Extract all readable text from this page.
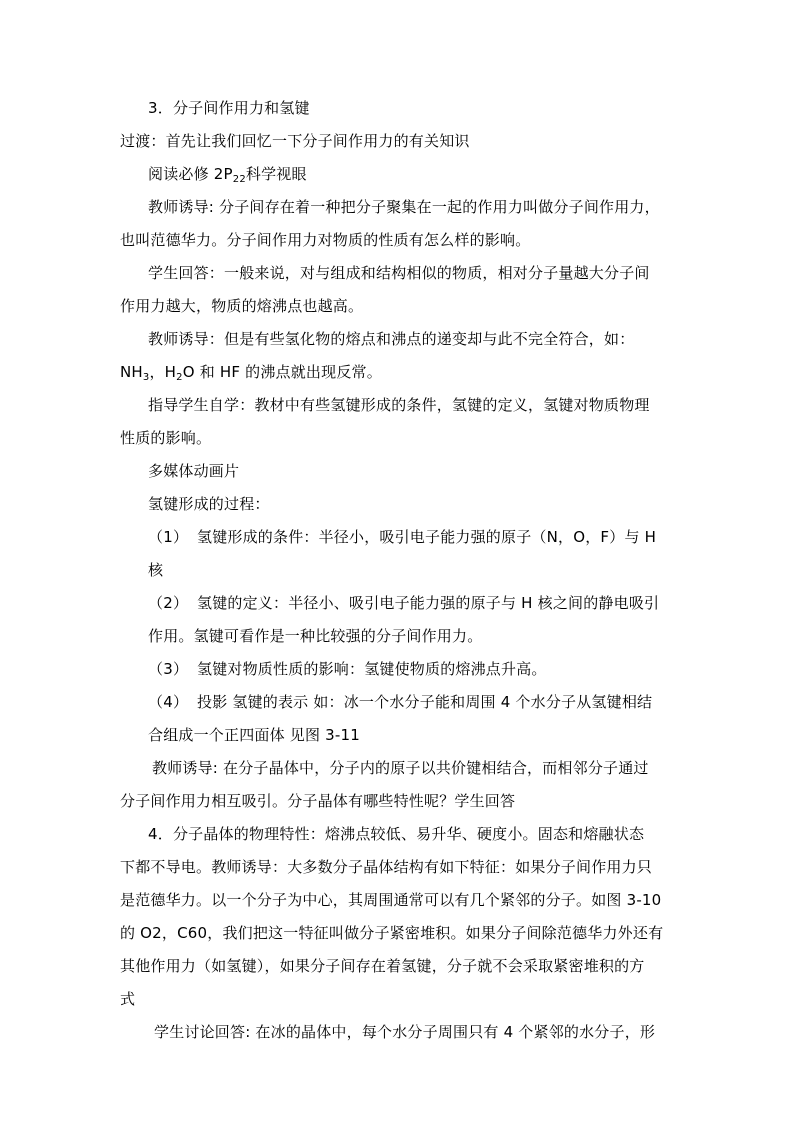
3．分子间作用力和氢键
过渡：首先让我们回忆一下分子间作用力的有关知识
阅读必修 $2P_{22}$科学视眼
教师诱导: 分子间存在着一种把分子聚集在一起的作用力叫做分子间作用力，
也叫范德华力。分子间作用力对物质的性质有怎么样的影响。
学生回答：一般来说，对与组成和结构相似的物质，相对分子量越大分子间
作用力越大，物质的熔沸点也越高。
教师诱导：但是有些氢化物的熔点和沸点的递变却与此不完全符合，如：
$NH_3$，$H_2O$ 和 HF 的沸点就出现反常。
指导学生自学：教材中有些氢键形成的条件，氢键的定义，氢键对物质物理
性质的影响。
多媒体动画片
氢键形成的过程：
（1） 氢键形成的条件：半径小，吸引电子能力强的原子（N，O，F）与 H
核
（2） 氢键的定义：半径小、吸引电子能力强的原子与 H 核之间的静电吸引
作用。氢键可看作是一种比较强的分子间作用力。
（3） 氢键对物质性质的影响：氢键使物质的熔沸点升高。
（4） 投影 氢键的表示 如：冰一个水分子能和周围 4 个水分子从氢键相结
合组成一个正四面体 见图 3-11
教师诱导: 在分子晶体中，分子内的原子以共价键相结合，而相邻分子通过
分子间作用力相互吸引。分子晶体有哪些特性呢？学生回答
4．分子晶体的物理特性：熔沸点较低、易升华、硬度小。固态和熔融状态
下都不导电。教师诱导：大多数分子晶体结构有如下特征：如果分子间作用力只
是范德华力。以一个分子为中心，其周围通常可以有几个紧邻的分子。如图 3-10
的 O2，C60，我们把这一特征叫做分子紧密堆积。如果分子间除范德华力外还有
其他作用力（如氢键），如果分子间存在着氢键，分子就不会采取紧密堆积的方
式
学生讨论回答: 在冰的晶体中，每个水分子周围只有 4 个紧邻的水分子，形
